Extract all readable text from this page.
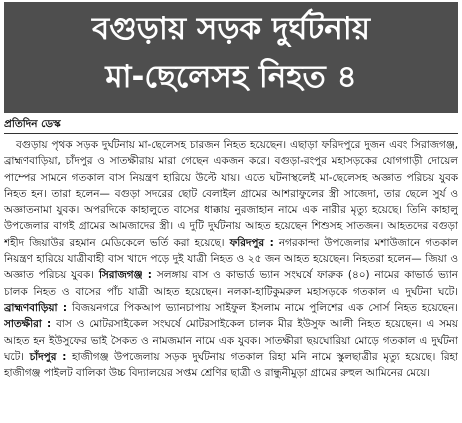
বগুড়ায় সড়ক দুর্ঘটনায়
মা-ছেলেসহ নিহত ৪
প্রতিদিন ডেস্ক
বগুড়ায় পৃথক সড়ক দুর্ঘটনায় মা-ছেলেসহ চারজন নিহত হয়েছেন। এছাড়া ফরিদপুরে দুজন এবং সিরাজগঞ্জ, ব্রাহ্মণবাড়িয়া, চাঁদপুর ও সাতক্ষীরায় মারা গেছেন একজন করে। বগুড়া-রংপুর মহাসড়কের যোগগাড়ী দোয়েল পাম্পের সামনে গতকাল বাস নিয়ন্ত্রণ হারিয়ে উল্টে যায়। এতে ঘটনাস্থলেই মা-ছেলেসহ অজ্ঞাত পরিচয় যুবক নিহত হন। তারা হলেন— বগুড়া সদরের ছোট বেলাইল গ্রামের আশরাফুলের স্ত্রী সাজেদা, তার ছেলে সুর্য ও অজ্ঞাতনামা যুবক। অপরদিকে কাহালুতে বাসের ধাক্কায় নুরজাহান নামে এক নারীর মৃত্যু হয়েছে। তিনি কাহালু উপজেলার বাগই গ্রামের আমজাদের স্ত্রী। এ দুটি দুর্ঘটনায় আহত হয়েছেন শিশুসহ সাতজন। আহতদের বগুড়া শহীদ জিয়াউর রহমান মেডিকেলে ভর্তি করা হয়েছে। ফরিদপুর : নগরকান্দা উপজেলার মশাউজানে গতকাল নিয়ন্ত্রণ হারিয়ে যাত্রীবাহী বাস খাদে পড়ে দুই যাত্রী নিহত ও ২৫ জন আহত হয়েছেন। নিহতরা হলেন— জিয়া ও অজ্ঞাত পরিচয় যুবক। সিরাজগঞ্জ : সলঙ্গায় বাস ও কাভার্ড ভ্যান সংঘর্ষে ফারুক (৪০) নামের কাভার্ড ভ্যান চালক নিহত ও বাসের পাঁচ যাত্রী আহত হয়েছেন। নলকা-হাটিকুমরুল মহাসড়কে গতকাল এ দুর্ঘটনা ঘটে। ব্রাহ্মণবাড়িয়া : বিজয়নগরে পিকআপ ভ্যানচাপায় সাইফুল ইসলাম নামে পুলিশের এক সোর্স নিহত হয়েছেন। সাতক্ষীরা : বাস ও মোটরসাইকেল সংঘর্ষে মোটরসাইকেল চালক মীর ইউসুফ আলী নিহত হয়েছেন। এ সময় আহত হন ইউসুফের ভাই সৈকত ও নামজমান নামে এক যুবক। সাতক্ষীরা ছয়ঘোরিয়া মোড়ে গতকাল এ দুর্ঘটনা ঘটে। চাঁদপুর : হাজীগঞ্জ উপজেলায় সড়ক দুর্ঘটনায় গতকাল রিহা মনি নামে স্কুলছাত্রীর মৃত্যু হয়েছে। রিহা হাজীগঞ্জ পাইলট বালিকা উচ্চ বিদ্যালয়ের সপ্তম শ্রেণির ছাত্রী ও রান্ধুনীমুড়া গ্রামের রুহুল আমিনের মেয়ে।
